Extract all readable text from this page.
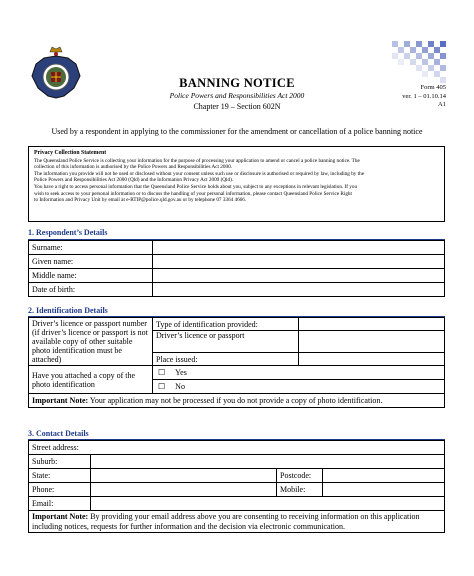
BANNING NOTICE
Police Powers and Responsibilities Act 2000
Chapter 19 – Section 602N
Form 405
ver. 1 – 01.10.14
A1
Used by a respondent in applying to the commissioner for the amendment or cancellation of a police banning notice
Privacy Collection Statement

The Queensland Police Service is collecting your information for the purpose of processing your application to amend or cancel a police banning notice. The

collection of this information is authorised by the Police Powers and Responsibilities Act 2000.

The information you provide will not be used or disclosed without your consent unless such use or disclosure is authorised or required by law, including by the

Police Powers and Responsibilities Act 2000 (Qld) and the Information Privacy Act 2009 (Qld).

You have a right to access personal information that the Queensland Police Service holds about you, subject to any exceptions in relevant legislation. If you

wish to seek access to your personal information or to discuss the handling of your personal information, please contact Queensland Police Service Right

to Information and Privacy Unit by email at e-RTIP@police.qld.gov.au or by telephone 07 3364 4666.

1. Respondent’s Details
Surname:	
Given name:	
Middle name:	
Date of birth:	
2. Identification Details
Driver’s licence or passport number (if driver’s licence or passport is not available copy of other suitable photo identification must be attached)	Type of identification provided:	
	Driver’s licence or passport	
	Place issued:	
Have you attached a copy of the photo identification	☐ Yes	
	☐ No	
Important Note: Your application may not be processed if you do not provide a copy of photo identification.		
3. Contact Details
Street address:			
Suburb:			
State:		Postcode:	
Phone:		Mobile:	
Email:			
Important Note: By providing your email address above you are consenting to receiving information on this application including notices, requests for further information and the decision via electronic communication.			
